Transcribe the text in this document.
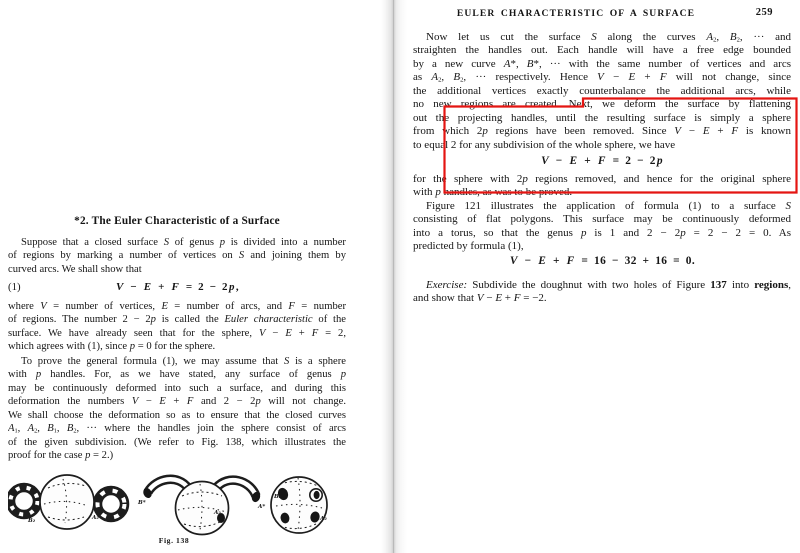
*2. The Euler Characteristic of a Surface
Suppose that a closed surface S of genus p is divided into a number
of regions by marking a number of vertices on S and joining them by
curved arcs. We shall show that
(1)	V − E + F = 2 − 2p,
where V = number of vertices, E = number of arcs, and F = number
of regions. The number 2 − 2p is called the Euler characteristic of the
surface. We have already seen that for the sphere, V − E + F = 2,
which agrees with (1), since p = 0 for the sphere.
To prove the general formula (1), we may assume that S is a sphere
with p handles. For, as we have stated, any surface of genus p
may be continuously deformed into such a surface, and during this
deformation the numbers V − E + F and 2 − 2p will not change.
We shall choose the deformation so as to ensure that the closed curves
$A_1$, $A_2$, $B_1$, $B_2$, ··· where the handles join the sphere consist of arcs
of the given subdivision. (We refer to Fig. 138, which illustrates the
proof for the case p = 2.)
B₂	A₂
B*
A₂
A*
B₂
A₂
Fig. 138
EULER CHARACTERISTIC OF A SURFACE	259
Now let us cut the surface S along the curves $A_2$, $B_2$, ··· and
straighten the handles out. Each handle will have a free edge bounded
by a new curve A*, B*, ··· with the same number of vertices and arcs
as $A_2$, $B_2$, ··· respectively. Hence V − E + F will not change, since
the additional vertices exactly counterbalance the additional arcs, while
no new regions are created. Next, we deform the surface by flattening
out the projecting handles, until the resulting surface is simply a sphere
from which 2p regions have been removed. Since V − E + F is known
to equal 2 for any subdivision of the whole sphere, we have
V − E + F = 2 − 2p
for the sphere with 2p regions removed, and hence for the original sphere
with p handles, as was to be proved.
Figure 121 illustrates the application of formula (1) to a surface S
consisting of flat polygons. This surface may be continuously deformed
into a torus, so that the genus p is 1 and 2 − 2p = 2 − 2 = 0. As
predicted by formula (1),
V − E + F = 16 − 32 + 16 = 0.
Exercise: Subdivide the doughnut with two holes of Figure 137 into regions,
and show that V − E + F = −2.
